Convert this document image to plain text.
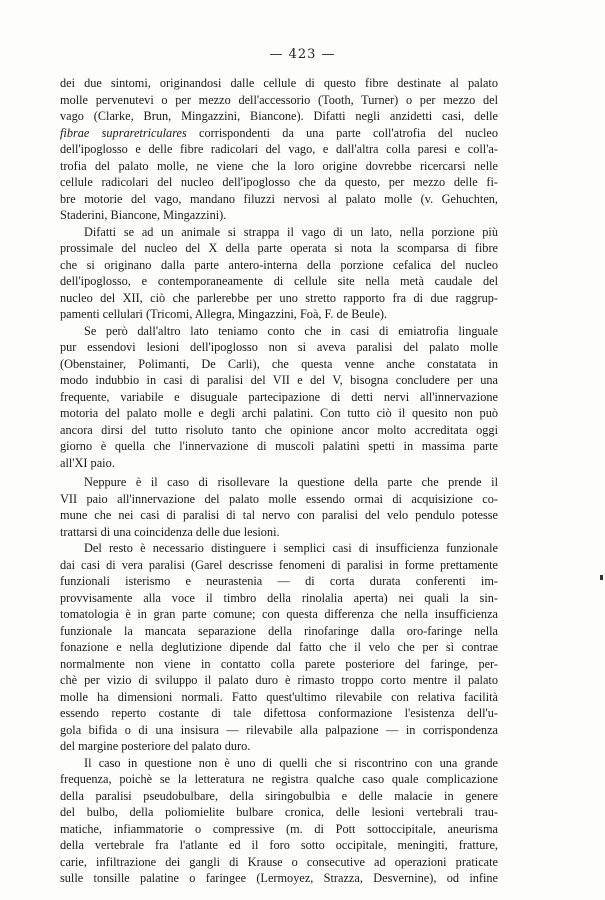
— 423 —
dei due sintomi, originandosi dalle cellule di questo fibre destinate al palato
molle pervenutevi o per mezzo dell'accessorio (Tooth, Turner) o per mezzo del
vago (Clarke, Brun, Mingazzini, Biancone). Difatti negli anzidetti casi, delle
fibrae supraretriculares corrispondenti da una parte coll'atrofia del nucleo
dell'ipoglosso e delle fibre radicolari del vago, e dall'altra colla paresi e coll'a-
trofia del palato molle, ne viene che la loro origine dovrebbe ricercarsi nelle
cellule radicolari del nucleo dell'ipoglosso che da questo, per mezzo delle fi-
bre motorie del vago, mandano filuzzi nervosi al palato molle (v. Gehuchten,
Staderini, Biancone, Mingazzini).
Difatti se ad un animale si strappa il vago di un lato, nella porzione più
prossimale del nucleo del X della parte operata si nota la scomparsa di fibre
che si originano dalla parte antero-interna della porzione cefalica del nucleo
dell'ipoglosso, e contemporaneamente di cellule site nella metà caudale del
nucleo del XII, ciò che parlerebbe per uno stretto rapporto fra di due raggrup-
pamenti cellulari (Tricomi, Allegra, Mingazzini, Foà, F. de Beule).
Se però dall'altro lato teniamo conto che in casi di emiatrofia linguale
pur essendovi lesioni dell'ipoglosso non si aveva paralisi del palato molle
(Obenstainer, Polimanti, De Carli), che questa venne anche constatata in
modo indubbio in casi di paralisi del VII e del V, bisogna concludere per una
frequente, variabile e disuguale partecipazione di detti nervi all'innervazione
motoria del palato molle e degli archi palatini. Con tutto ciò il quesito non può
ancora dirsi del tutto risoluto tanto che opinione ancor molto accreditata oggi
giorno è quella che l'innervazione di muscoli palatini spetti in massima parte
all'XI paio.
Neppure è il caso di risollevare la questione della parte che prende il
VII paio all'innervazione del palato molle essendo ormai di acquisizione co-
mune che nei casi di paralisi di tal nervo con paralisi del velo pendulo potesse
trattarsi di una coincidenza delle due lesioni.
Del resto è necessario distinguere i semplici casi di insufficienza funzionale
dai casi di vera paralisi (Garel descrisse fenomeni di paralisi in forme prettamente
funzionali isterismo e neurastenia — di corta durata conferenti im-
provvisamente alla voce il timbro della rinolalia aperta) nei quali la sin-
tomatologia è in gran parte comune; con questa differenza che nella insufficienza
funzionale la mancata separazione della rinofaringe dalla oro-faringe nella
fonazione e nella deglutizione dipende dal fatto che il velo che per sì contrae
normalmente non viene in contatto colla parete posteriore del faringe, per-
chè per vizio di sviluppo il palato duro è rimasto troppo corto mentre il palato
molle ha dimensioni normali. Fatto quest'ultimo rilevabile con relativa facilità
essendo reperto costante di tale difettosa conformazione l'esistenza dell'u-
gola bifida o di una insisura — rilevabile alla palpazione — in corrispondenza
del margine posteriore del palato duro.
Il caso in questione non è uno di quelli che si riscontrino con una grande
frequenza, poichè se la letteratura ne registra qualche caso quale complicazione
della paralisi pseudobulbare, della siringobulbia e delle malacie in genere
del bulbo, della poliomielite bulbare cronica, delle lesioni vertebrali trau-
matiche, infiammatorie o compressive (m. di Pott sottoccipitale, aneurisma
della vertebrale fra l'atlante ed il foro sotto occipitale, meningiti, fratture,
carie, infiltrazione dei gangli di Krause o consecutive ad operazioni praticate
sulle tonsille palatine o faringee (Lermoyez, Strazza, Desvernine), od infine
